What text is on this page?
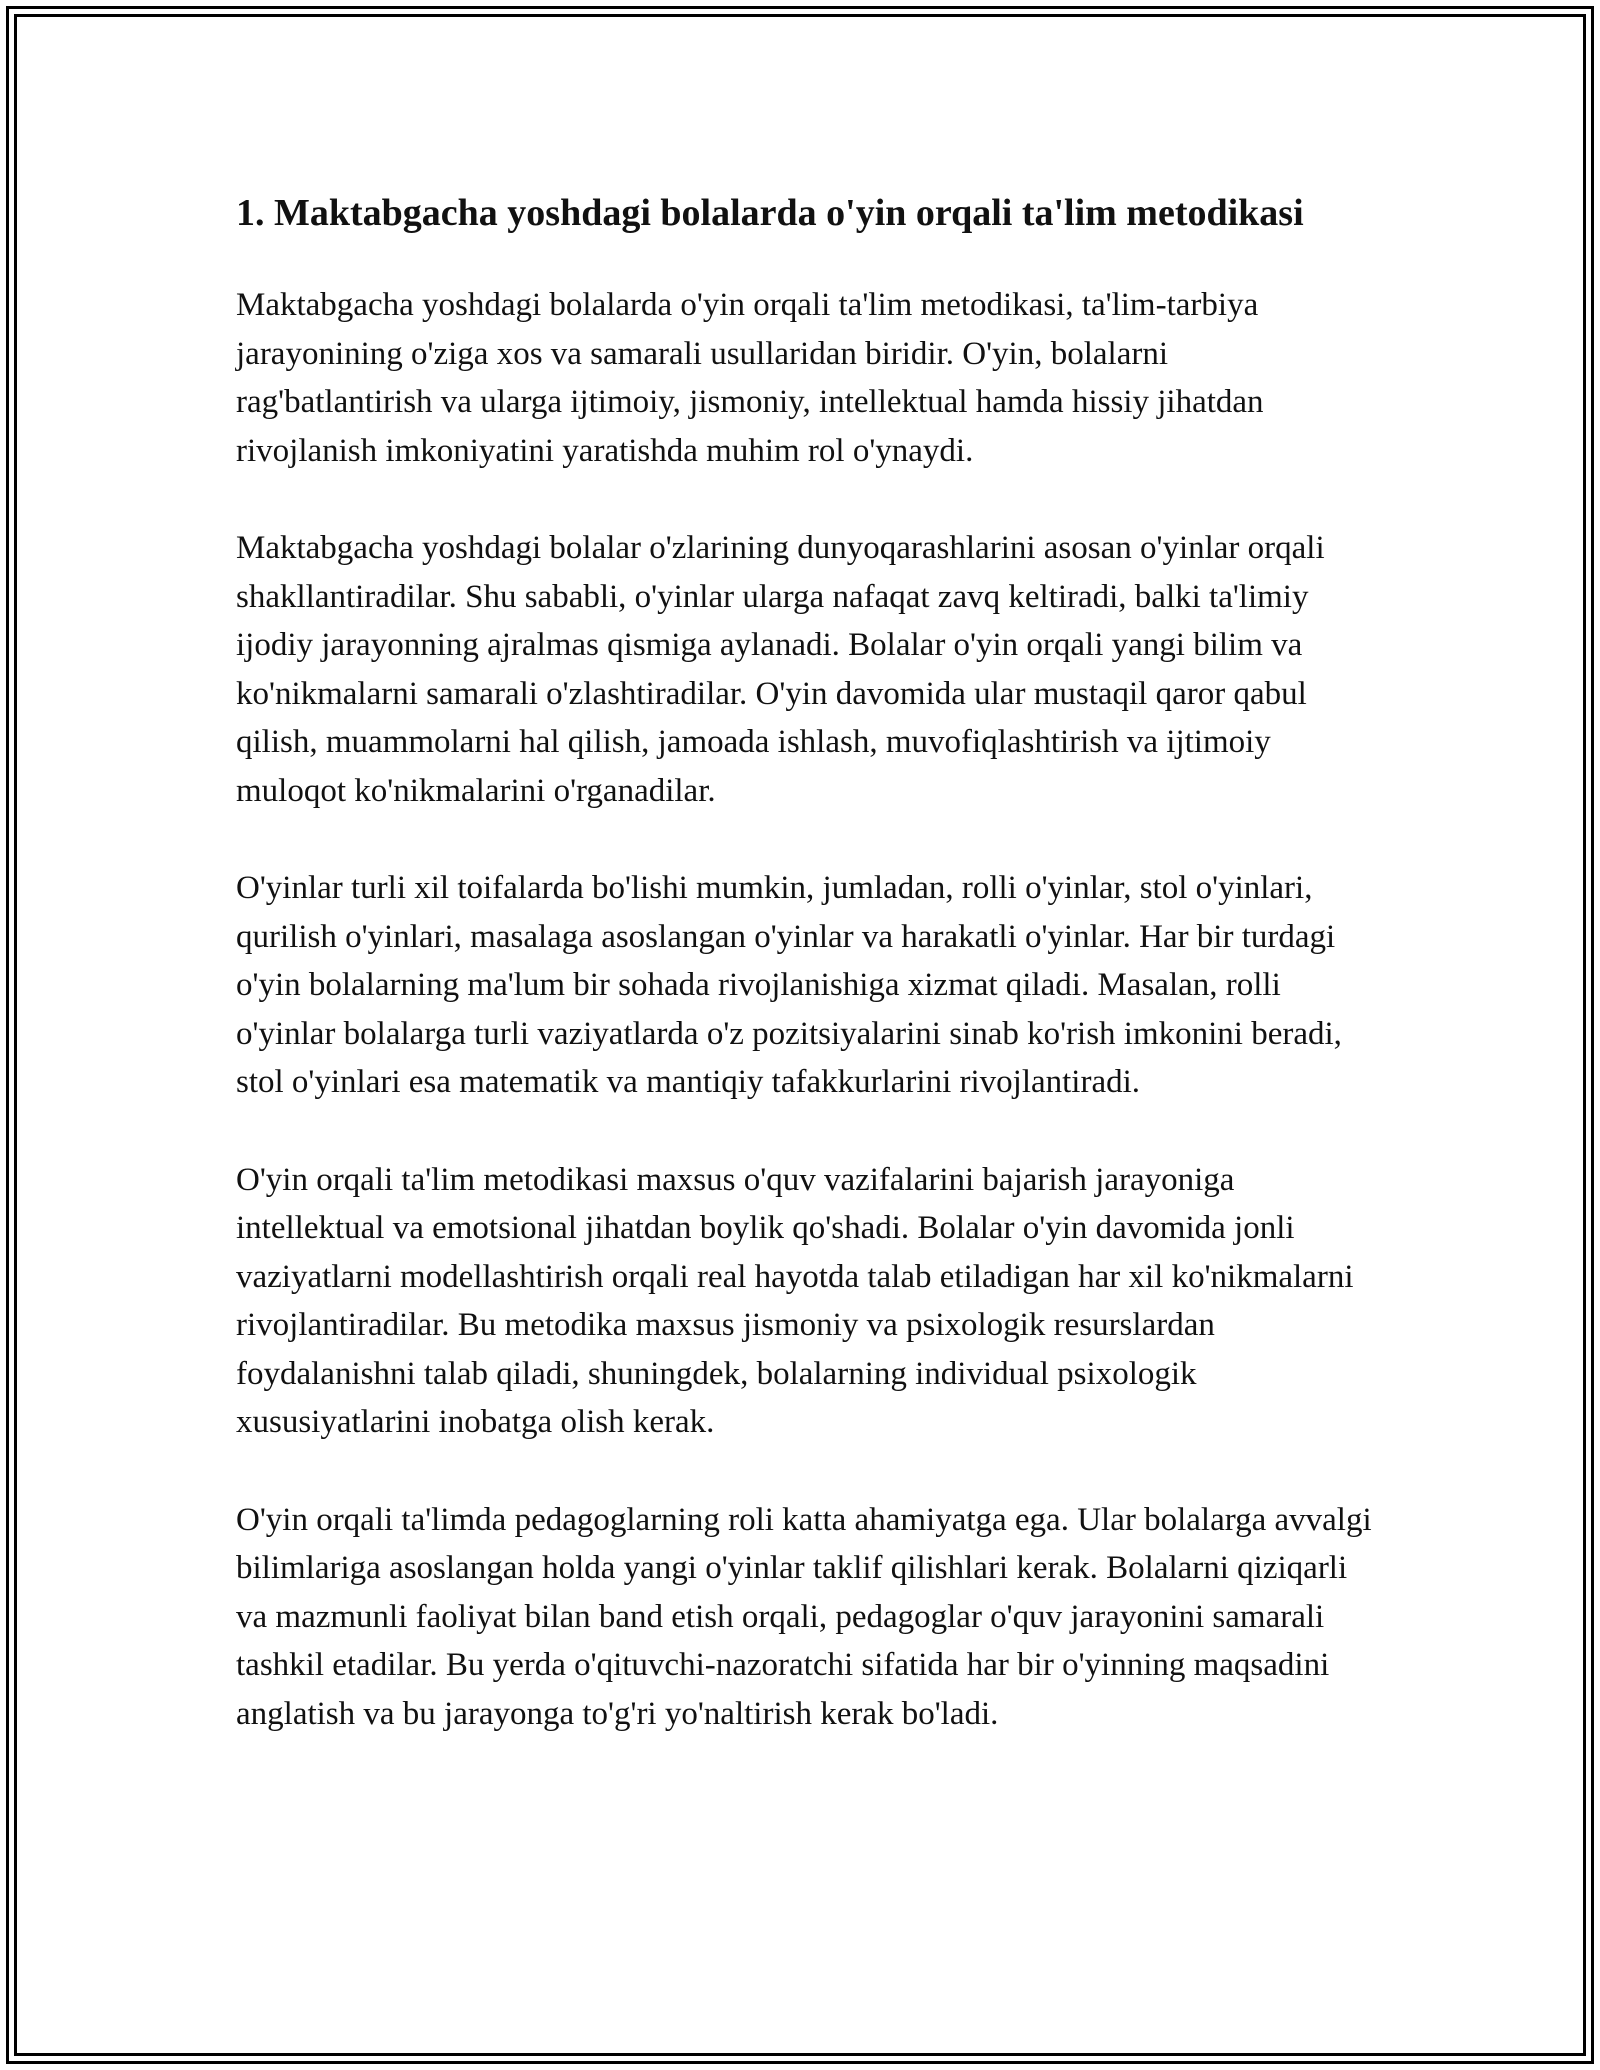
1. Maktabgacha yoshdagi bolalarda o'yin orqali ta'lim metodikasi

Maktabgacha yoshdagi bolalarda o'yin orqali ta'lim metodikasi, ta'lim-tarbiya jarayonining o'ziga xos va samarali usullaridan biridir. O'yin, bolalarni rag'batlantirish va ularga ijtimoiy, jismoniy, intellektual hamda hissiy jihatdan rivojlanish imkoniyatini yaratishda muhim rol o'ynaydi.

Maktabgacha yoshdagi bolalar o'zlarining dunyoqarashlarini asosan o'yinlar orqali shakllantiradilar. Shu sababli, o'yinlar ularga nafaqat zavq keltiradi, balki ta'limiy ijodiy jarayonning ajralmas qismiga aylanadi. Bolalar o'yin orqali yangi bilim va ko'nikmalarni samarali o'zlashtiradilar. O'yin davomida ular mustaqil qaror qabul qilish, muammolarni hal qilish, jamoada ishlash, muvofiqlashtirish va ijtimoiy muloqot ko'nikmalarini o'rganadilar.

O'yinlar turli xil toifalarda bo'lishi mumkin, jumladan, rolli o'yinlar, stol o'yinlari, qurilish o'yinlari, masalaga asoslangan o'yinlar va harakatli o'yinlar. Har bir turdagi o'yin bolalarning ma'lum bir sohada rivojlanishiga xizmat qiladi. Masalan, rolli o'yinlar bolalarga turli vaziyatlarda o'z pozitsiyalarini sinab ko'rish imkonini beradi, stol o'yinlari esa matematik va mantiqiy tafakkurlarini rivojlantiradi.

O'yin orqali ta'lim metodikasi maxsus o'quv vazifalarini bajarish jarayoniga intellektual va emotsional jihatdan boylik qo'shadi. Bolalar o'yin davomida jonli vaziyatlarni modellashtirish orqali real hayotda talab etiladigan har xil ko'nikmalarni rivojlantiradilar. Bu metodika maxsus jismoniy va psixologik resurslardan foydalanishni talab qiladi, shuningdek, bolalarning individual psixologik xususiyatlarini inobatga olish kerak.

O'yin orqali ta'limda pedagoglarning roli katta ahamiyatga ega. Ular bolalarga avvalgi bilimlariga asoslangan holda yangi o'yinlar taklif qilishlari kerak. Bolalarni qiziqarli va mazmunli faoliyat bilan band etish orqali, pedagoglar o'quv jarayonini samarali tashkil etadilar. Bu yerda o'qituvchi-nazoratchi sifatida har bir o'yinning maqsadini anglatish va bu jarayonga to'g'ri yo'naltirish kerak bo'ladi.
